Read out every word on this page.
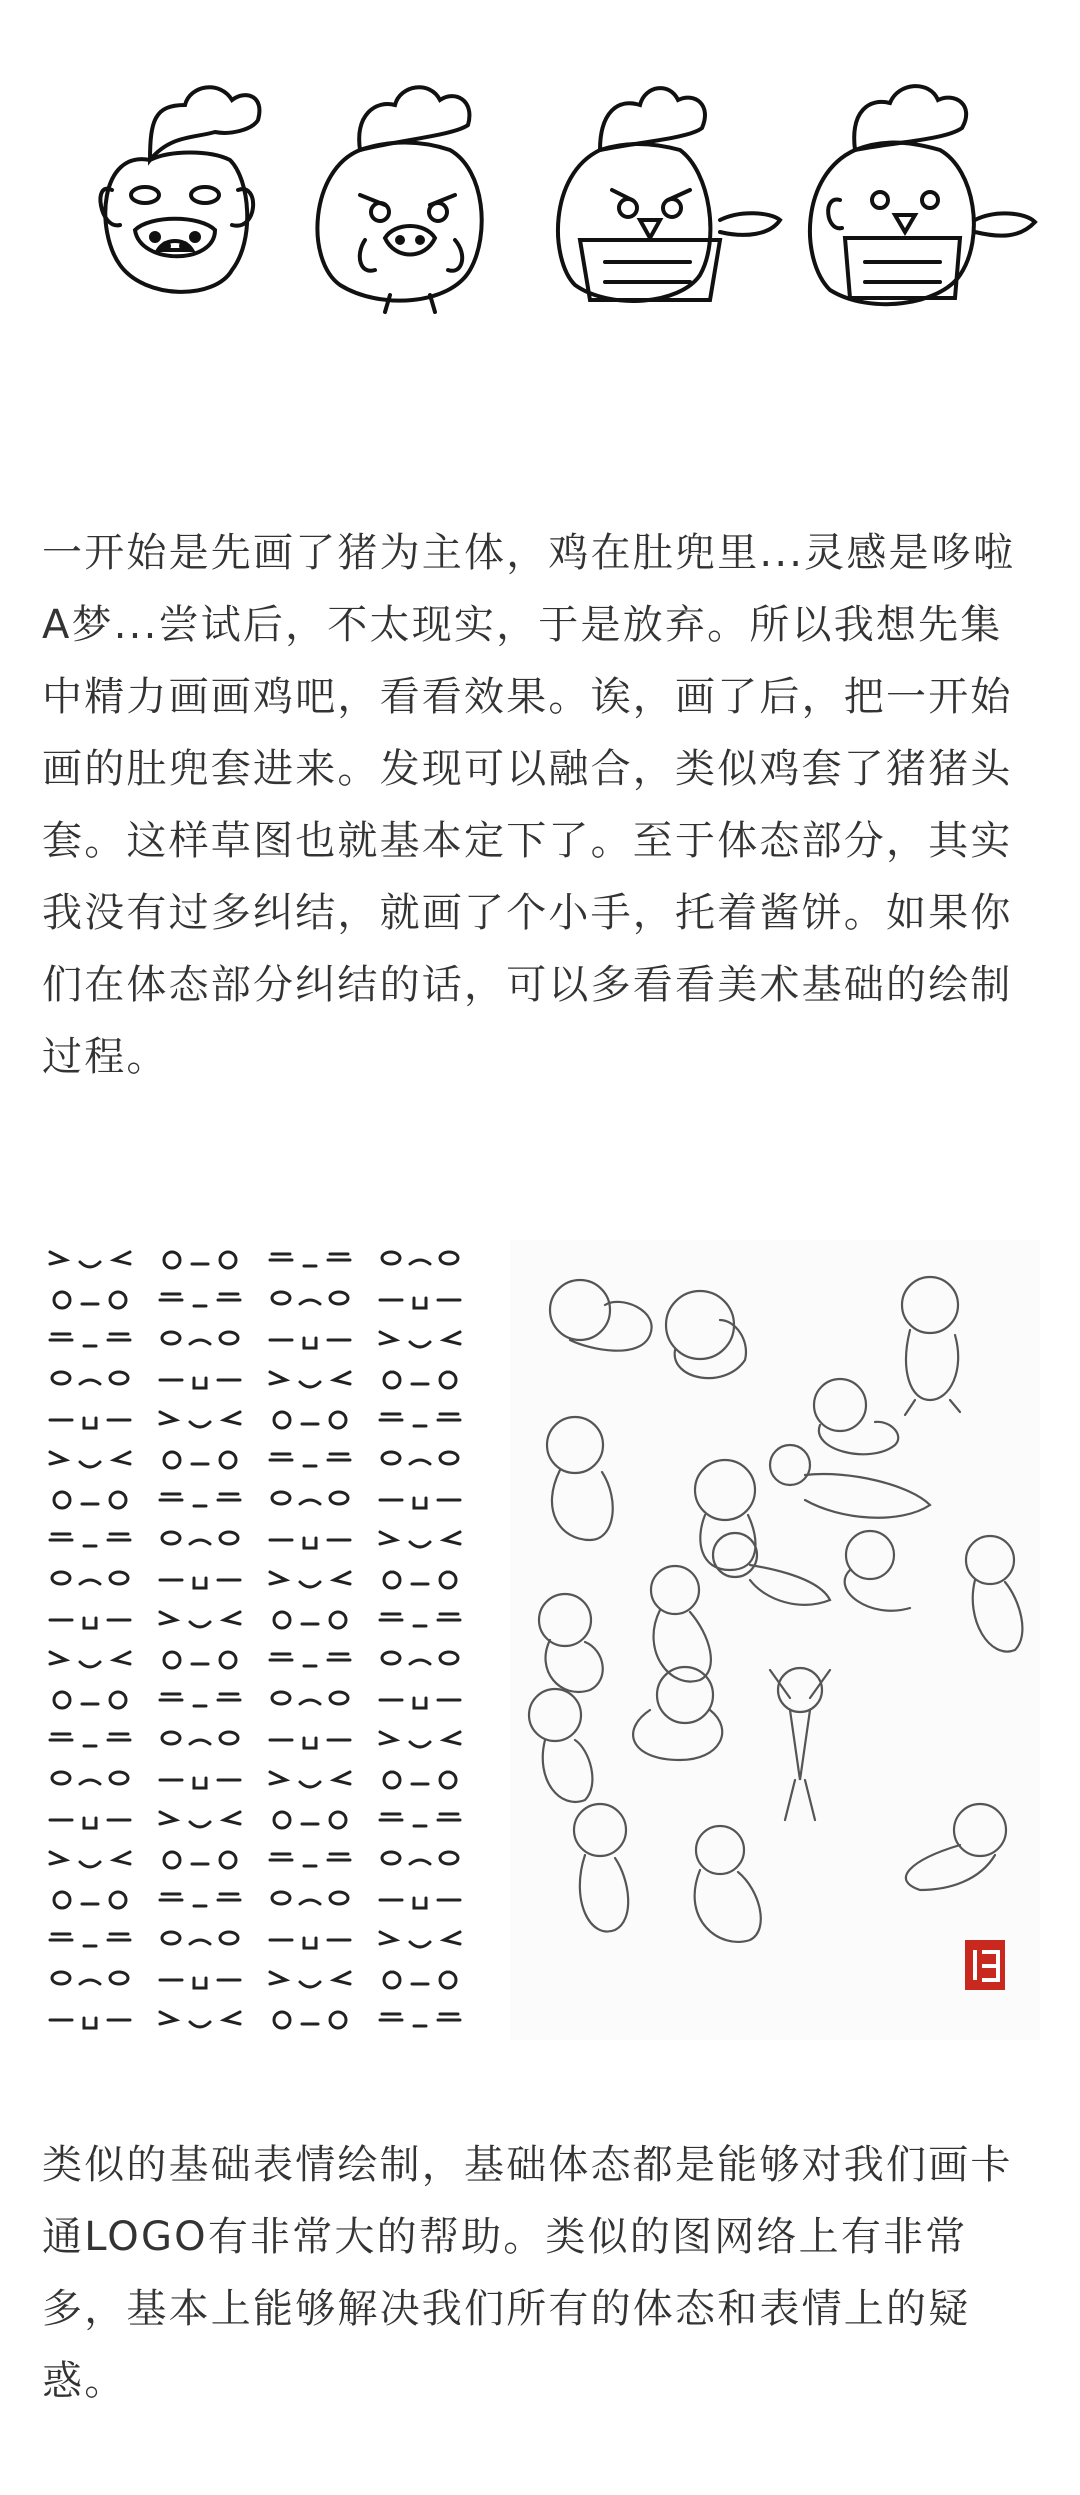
一开始是先画了猪为主体，鸡在肚兜里...灵感是哆啦A梦...尝试后，不太现实，于是放弃。所以我想先集中精力画画鸡吧，看看效果。诶，画了后，把一开始画的肚兜套进来。发现可以融合，类似鸡套了猪猪头套。这样草图也就基本定下了。至于体态部分，其实我没有过多纠结，就画了个小手，托着酱饼。如果你们在体态部分纠结的话，可以多看看美术基础的绘制过程。

类似的基础表情绘制，基础体态都是能够对我们画卡通LOGO有非常大的帮助。类似的图网络上有非常多，基本上能够解决我们所有的体态和表情上的疑惑。
